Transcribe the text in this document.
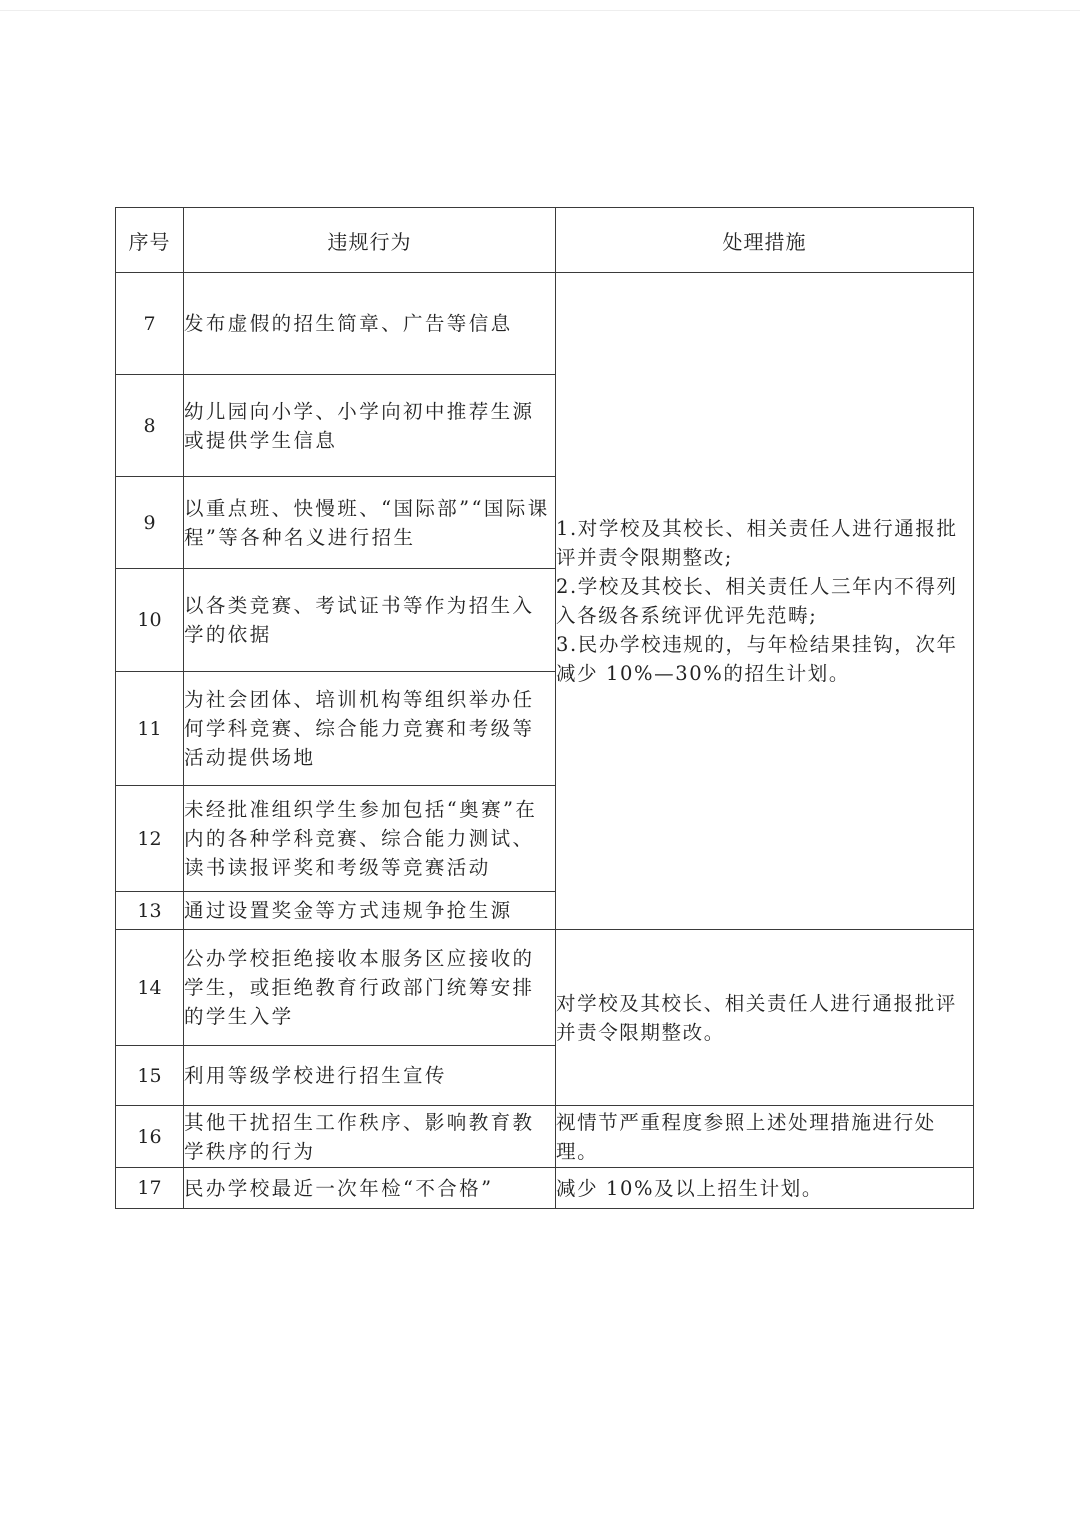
序号	违规行为	处理措施
7	发布虚假的招生简章、广告等信息	1.对学校及其校长、相关责任人进行通报批评并责令限期整改;
2.学校及其校长、相关责任人三年内不得列入各级各系统评优评先范畴;
3.民办学校违规的，与年检结果挂钩，次年减少 10%—30%的招生计划。

8	幼儿园向小学、小学向初中推荐生源或提供学生信息	
9	以重点班、快慢班、“国际部”“国际课程”等各种名义进行招生	
10	以各类竞赛、考试证书等作为招生入学的依据	
11	为社会团体、培训机构等组织举办任何学科竞赛、综合能力竞赛和考级等活动提供场地	
12	未经批准组织学生参加包括“奥赛”在内的各种学科竞赛、综合能力测试、读书读报评奖和考级等竞赛活动	
13	通过设置奖金等方式违规争抢生源	
14	公办学校拒绝接收本服务区应接收的学生，或拒绝教育行政部门统筹安排的学生入学	对学校及其校长、相关责任人进行通报批评并责令限期整改。
15	利用等级学校进行招生宣传	
16	其他干扰招生工作秩序、影响教育教学秩序的行为	视情节严重程度参照上述处理措施进行处理。
17	民办学校最近一次年检“不合格”	减少 10%及以上招生计划。
